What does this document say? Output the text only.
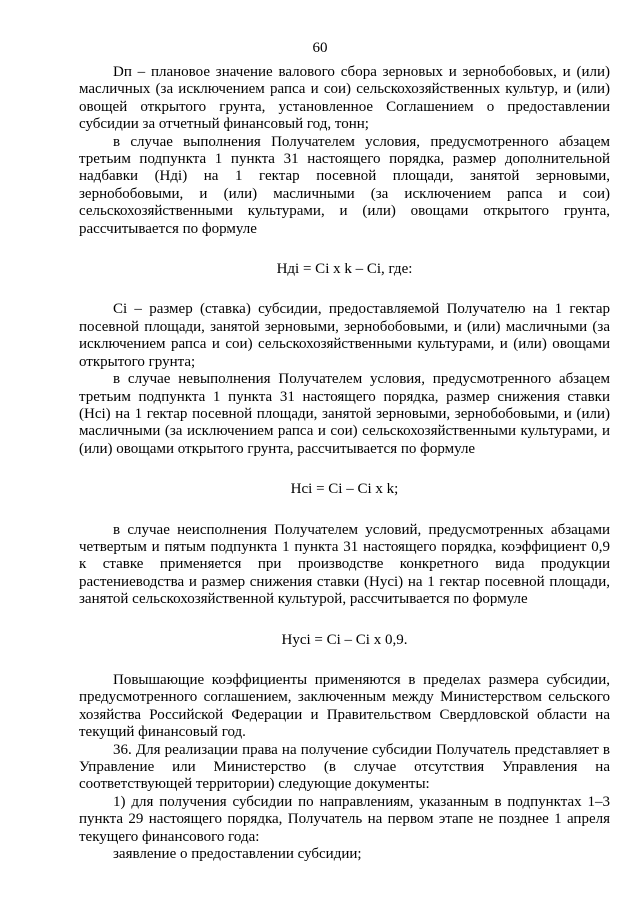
60

Dп – плановое значение валового сбора зерновых и зернобобовых, и (или) масличных (за исключением рапса и сои) сельскохозяйственных культур, и (или) овощей открытого грунта, установленное Соглашением о предоставлении субсидии за отчетный финансовый год, тонн;

в случае выполнения Получателем условия, предусмотренного абзацем третьим подпункта 1 пункта 31 настоящего порядка, размер дополнительной надбавки (Ндi) на 1 гектар посевной площади, занятой зерновыми, зернобобовыми, и (или) масличными (за исключением рапса и сои) сельскохозяйственными культурами, и (или) овощами открытого грунта, рассчитывается по формуле

Ндi = Сi x k – Сi, где:

Сi – размер (ставка) субсидии, предоставляемой Получателю на 1 гектар посевной площади, занятой зерновыми, зернобобовыми, и (или) масличными (за исключением рапса и сои) сельскохозяйственными культурами, и (или) овощами открытого грунта;

в случае невыполнения Получателем условия, предусмотренного абзацем третьим подпункта 1 пункта 31 настоящего порядка, размер снижения ставки (Нсi) на 1 гектар посевной площади, занятой зерновыми, зернобобовыми, и (или) масличными (за исключением рапса и сои) сельскохозяйственными культурами, и (или) овощами открытого грунта, рассчитывается по формуле

Нсi = Сi – Сi x k;

в случае неисполнения Получателем условий, предусмотренных абзацами четвертым и пятым подпункта 1 пункта 31 настоящего порядка, коэффициент 0,9 к ставке применяется при производстве конкретного вида продукции растениеводства и размер снижения ставки (Нусi) на 1 гектар посевной площади, занятой сельскохозяйственной культурой, рассчитывается по формуле

Нусi = Сi – Сi x 0,9.

Повышающие коэффициенты применяются в пределах размера субсидии, предусмотренного соглашением, заключенным между Министерством сельского хозяйства Российской Федерации и Правительством Свердловской области на текущий финансовый год.

36. Для реализации права на получение субсидии Получатель представляет в Управление или Министерство (в случае отсутствия Управления на соответствующей территории) следующие документы:

1) для получения субсидии по направлениям, указанным в подпунктах 1–3 пункта 29 настоящего порядка, Получатель на первом этапе не позднее 1 апреля текущего финансового года:

заявление о предоставлении субсидии;
